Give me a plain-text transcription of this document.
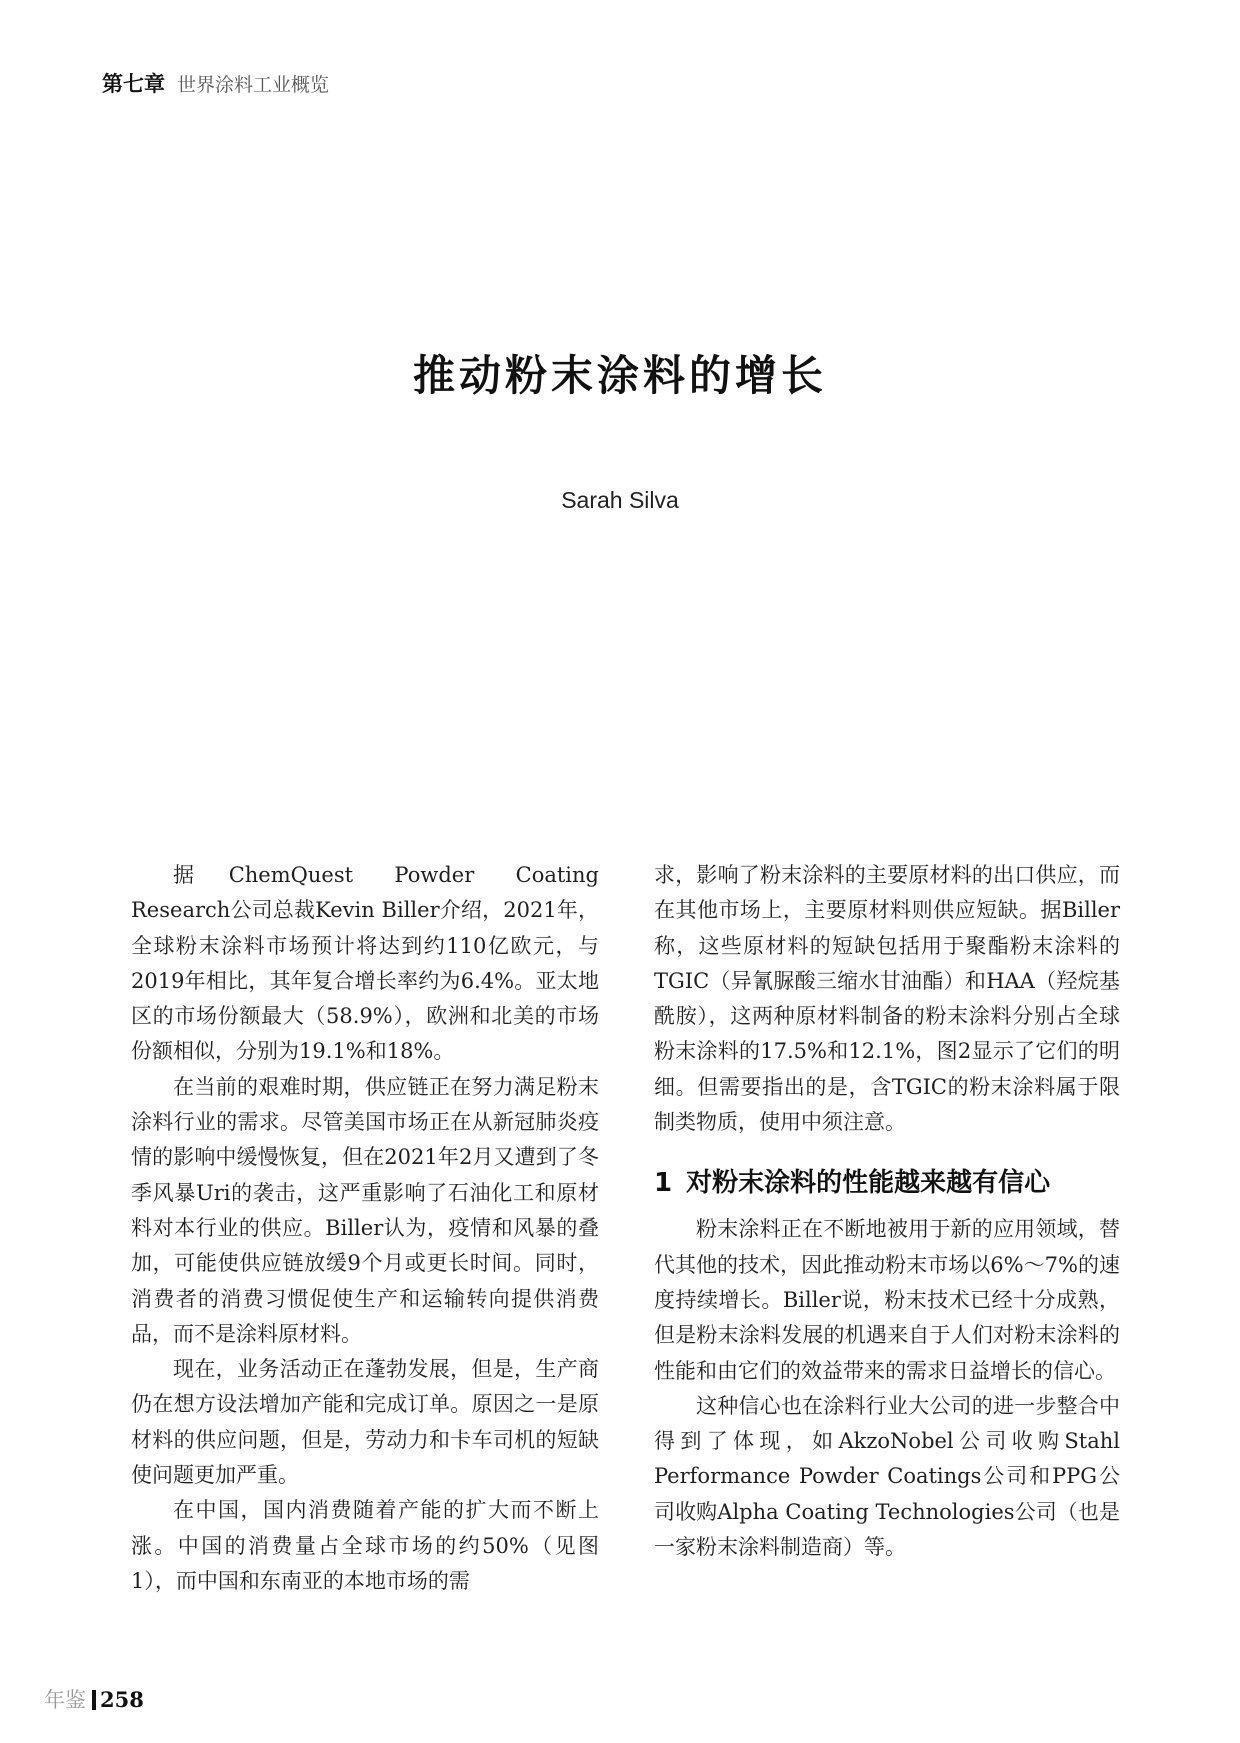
第七章 世界涂料工业概览
推动粉末涂料的增长
Sarah Silva

据ChemQuest Powder Coating Research公司总裁Kevin Biller介绍，2021年，全球粉末涂料市场预计将达到约110亿欧元，与2019年相比，其年复合增长率约为6.4%。亚太地区的市场份额最大（58.9%），欧洲和北美的市场份额相似，分别为19.1%和18%。

在当前的艰难时期，供应链正在努力满足粉末涂料行业的需求。尽管美国市场正在从新冠肺炎疫情的影响中缓慢恢复，但在2021年2月又遭到了冬季风暴Uri的袭击，这严重影响了石油化工和原材料对本行业的供应。Biller认为，疫情和风暴的叠加，可能使供应链放缓9个月或更长时间。同时，消费者的消费习惯促使生产和运输转向提供消费品，而不是涂料原材料。

现在，业务活动正在蓬勃发展，但是，生产商仍在想方设法增加产能和完成订单。原因之一是原材料的供应问题，但是，劳动力和卡车司机的短缺使问题更加严重。

在中国，国内消费随着产能的扩大而不断上涨。中国的消费量占全球市场的约50%（见图1），而中国和东南亚的本地市场的需

求，影响了粉末涂料的主要原材料的出口供应，而在其他市场上，主要原材料则供应短缺。据Biller称，这些原材料的短缺包括用于聚酯粉末涂料的TGIC（异氰脲酸三缩水甘油酯）和HAA（羟烷基酰胺），这两种原材料制备的粉末涂料分别占全球粉末涂料的17.5%和12.1%，图2显示了它们的明细。但需要指出的是，含TGIC的粉末涂料属于限制类物质，使用中须注意。

1 对粉末涂料的性能越来越有信心

粉末涂料正在不断地被用于新的应用领域，替代其他的技术，因此推动粉末市场以6%～7%的速度持续增长。Biller说，粉末技术已经十分成熟，但是粉末涂料发展的机遇来自于人们对粉末涂料的性能和由它们的效益带来的需求日益增长的信心。

这种信心也在涂料行业大公司的进一步整合中得到了体现，如AkzoNobel公司收购Stahl Performance Powder Coatings公司和PPG公司收购Alpha Coating Technologies公司（也是一家粉末涂料制造商）等。

年鉴 258
